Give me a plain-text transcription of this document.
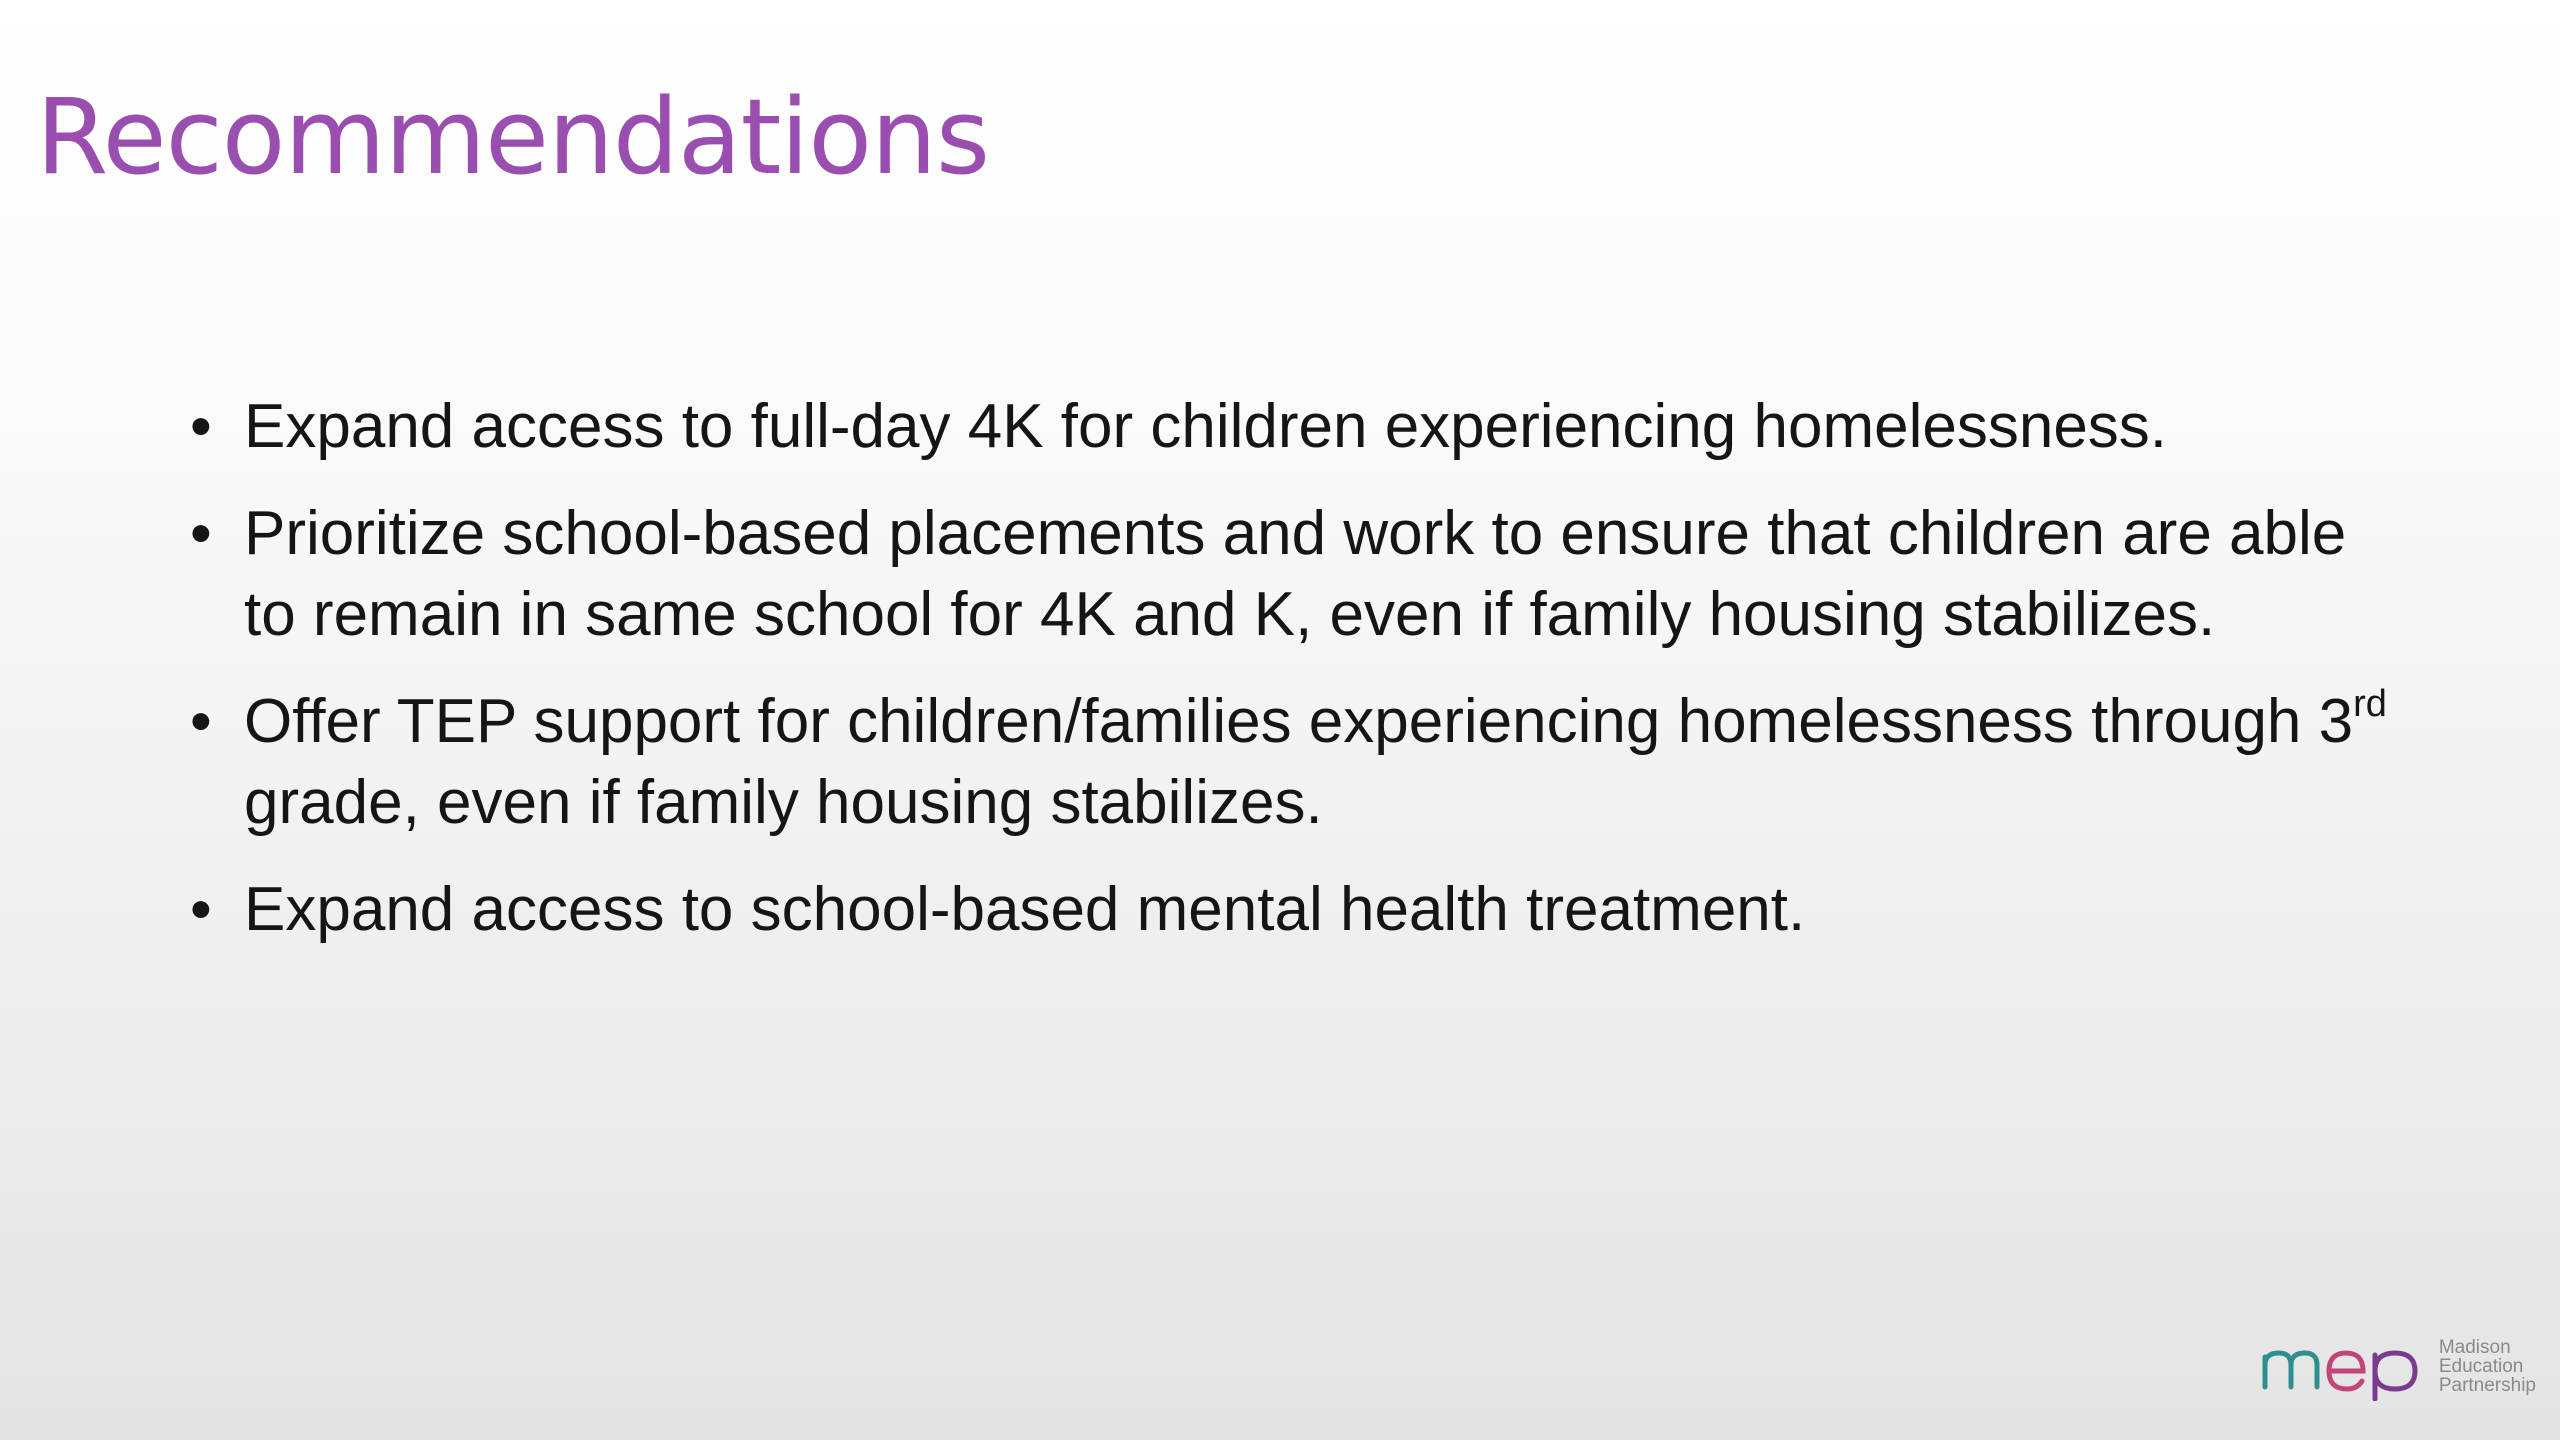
Recommendations
• Expand access to full-day 4K for children experiencing homelessness.
• Prioritize school-based placements and work to ensure that children are able to remain in same school for 4K and K, even if family housing stabilizes.
• Offer TEP support for children/families experiencing homelessness through 3rd grade, even if family housing stabilizes.
• Expand access to school-based mental health treatment.
Madison
Education
Partnership
